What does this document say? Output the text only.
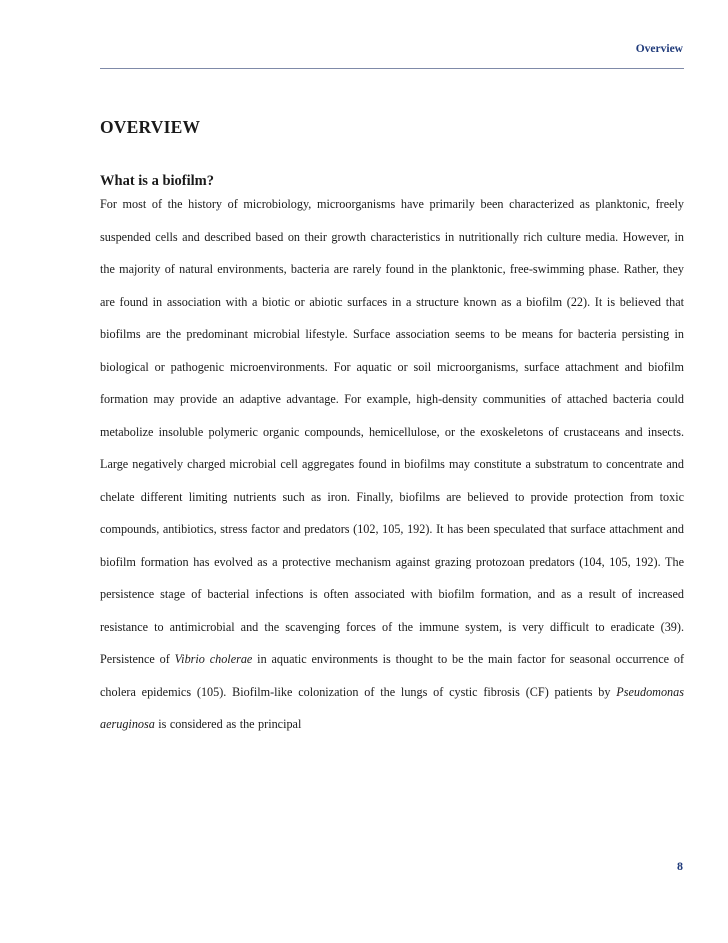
Overview
OVERVIEW
What is a biofilm?

For most of the history of microbiology, microorganisms have primarily been characterized as planktonic, freely suspended cells and described based on their growth characteristics in nutritionally rich culture media. However, in the majority of natural environments, bacteria are rarely found in the planktonic, free-swimming phase. Rather, they are found in association with a biotic or abiotic surfaces in a structure known as a biofilm (22). It is believed that biofilms are the predominant microbial lifestyle. Surface association seems to be means for bacteria persisting in biological or pathogenic microenvironments. For aquatic or soil microorganisms, surface attachment and biofilm formation may provide an adaptive advantage. For example, high-density communities of attached bacteria could metabolize insoluble polymeric organic compounds, hemicellulose, or the exoskeletons of crustaceans and insects. Large negatively charged microbial cell aggregates found in biofilms may constitute a substratum to concentrate and chelate different limiting nutrients such as iron. Finally, biofilms are believed to provide protection from toxic compounds, antibiotics, stress factor and predators (102, 105, 192). It has been speculated that surface attachment and biofilm formation has evolved as a protective mechanism against grazing protozoan predators (104, 105, 192). The persistence stage of bacterial infections is often associated with biofilm formation, and as a result of increased resistance to antimicrobial and the scavenging forces of the immune system, is very difficult to eradicate (39). Persistence of Vibrio cholerae in aquatic environments is thought to be the main factor for seasonal occurrence of cholera epidemics (105). Biofilm-like colonization of the lungs of cystic fibrosis (CF) patients by Pseudomonas aeruginosa is considered as the principal

8
